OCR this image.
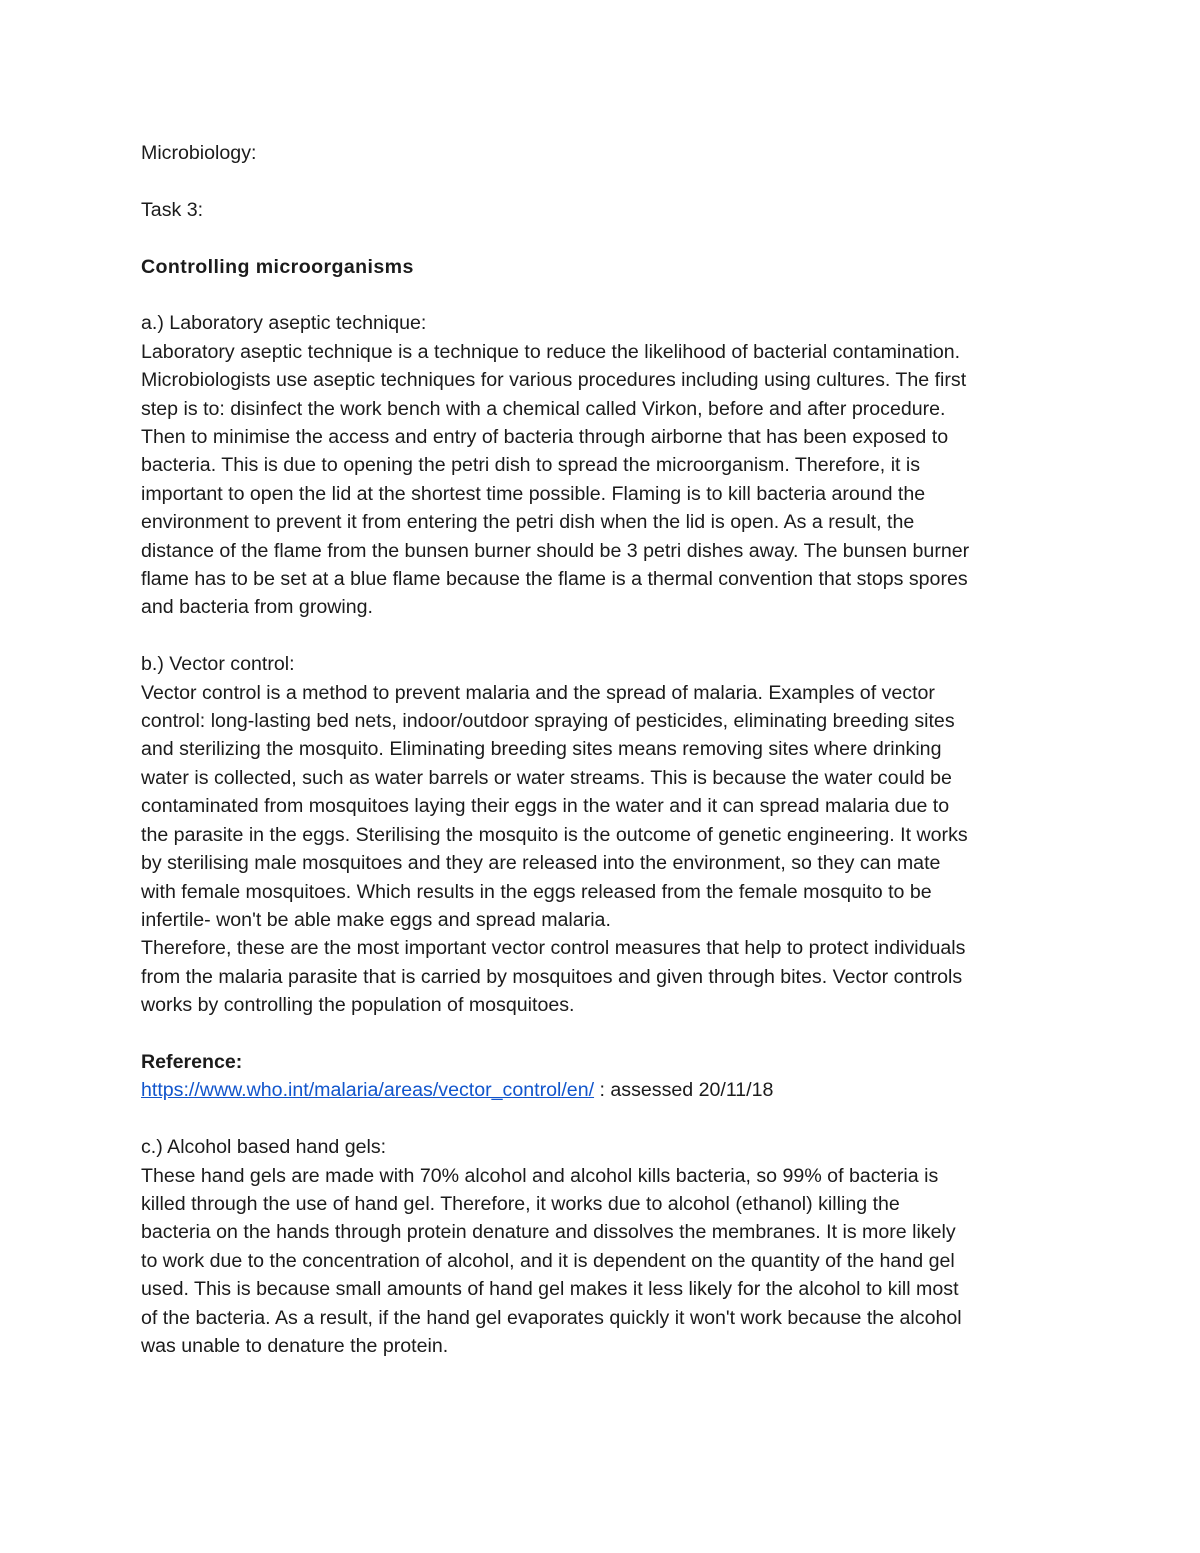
Microbiology:
Task 3:
Controlling microorganisms
a.) Laboratory aseptic technique:
Laboratory aseptic technique is a technique to reduce the likelihood of bacterial contamination.
Microbiologists use aseptic techniques for various procedures including using cultures. The first
step is to: disinfect the work bench with a chemical called Virkon, before and after procedure.
Then to minimise the access and entry of bacteria through airborne that has been exposed to
bacteria. This is due to opening the petri dish to spread the microorganism. Therefore, it is
important to open the lid at the shortest time possible. Flaming is to kill bacteria around the
environment to prevent it from entering the petri dish when the lid is open. As a result, the
distance of the flame from the bunsen burner should be 3 petri dishes away. The bunsen burner
flame has to be set at a blue flame because the flame is a thermal convention that stops spores
and bacteria from growing.
b.) Vector control:
Vector control is a method to prevent malaria and the spread of malaria. Examples of vector
control: long-lasting bed nets, indoor/outdoor spraying of pesticides, eliminating breeding sites
and sterilizing the mosquito. Eliminating breeding sites means removing sites where drinking
water is collected, such as water barrels or water streams. This is because the water could be
contaminated from mosquitoes laying their eggs in the water and it can spread malaria due to
the parasite in the eggs. Sterilising the mosquito is the outcome of genetic engineering. It works
by sterilising male mosquitoes and they are released into the environment, so they can mate
with female mosquitoes. Which results in the eggs released from the female mosquito to be
infertile- won't be able make eggs and spread malaria.
Therefore, these are the most important vector control measures that help to protect individuals
from the malaria parasite that is carried by mosquitoes and given through bites. Vector controls
works by controlling the population of mosquitoes.
Reference:
https://www.who.int/malaria/areas/vector_control/en/ : assessed 20/11/18
c.) Alcohol based hand gels:
These hand gels are made with 70% alcohol and alcohol kills bacteria, so 99% of bacteria is
killed through the use of hand gel. Therefore, it works due to alcohol (ethanol) killing the
bacteria on the hands through protein denature and dissolves the membranes. It is more likely
to work due to the concentration of alcohol, and it is dependent on the quantity of the hand gel
used. This is because small amounts of hand gel makes it less likely for the alcohol to kill most
of the bacteria. As a result, if the hand gel evaporates quickly it won't work because the alcohol
was unable to denature the protein.
